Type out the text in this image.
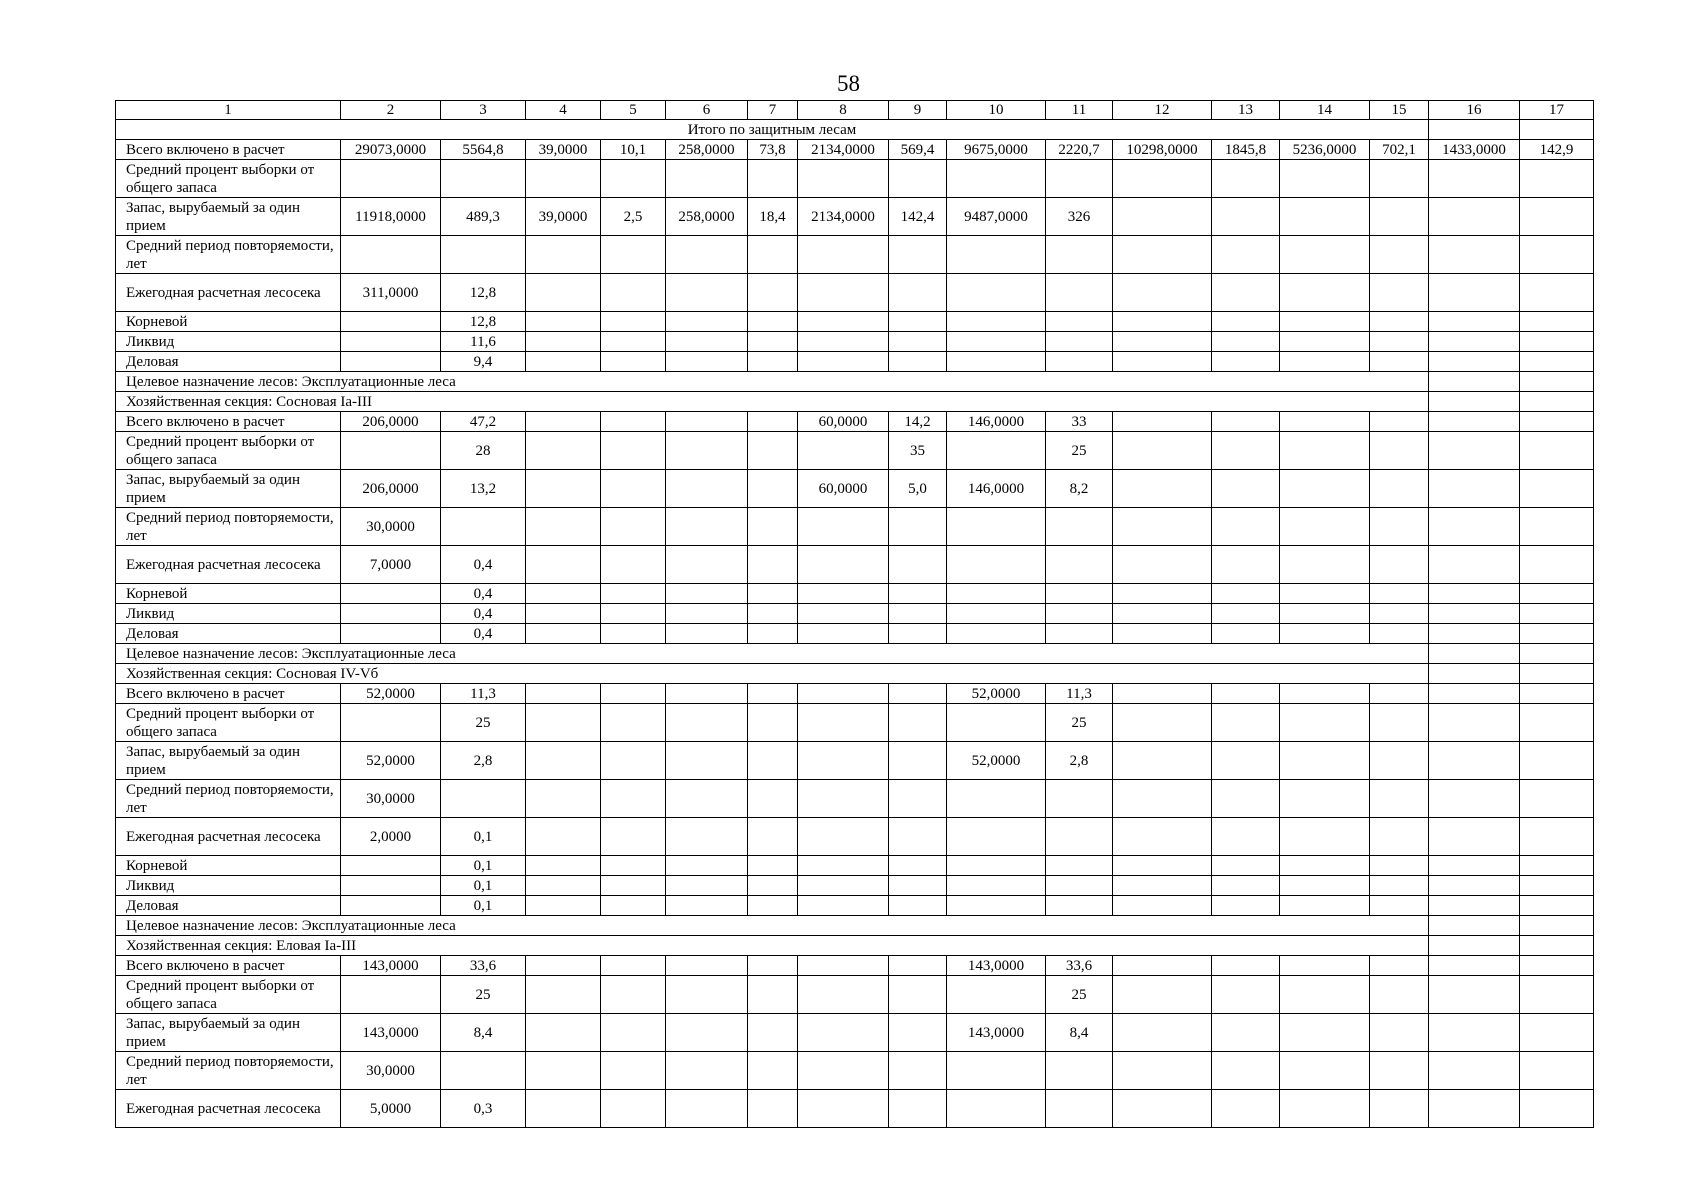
58
1	2	3	4	5	6	7	8	9	10	11	12	13	14	15	16	17
Итого по защитным лесам																
Всего включено в расчет	29073,0000	5564,8	39,0000	10,1	258,0000	73,8	2134,0000	569,4	9675,0000	2220,7	10298,0000	1845,8	5236,0000	702,1	1433,0000	142,9
Средний процент выборки от общего запаса																
Запас, вырубаемый за один прием	11918,0000	489,3	39,0000	2,5	258,0000	18,4	2134,0000	142,4	9487,0000	326						
Средний период повторяемости, лет																
Ежегодная расчетная лесосека	311,0000	12,8														
Корневой		12,8														
Ликвид		11,6														
Деловая		9,4														
Целевое назначение лесов: Эксплуатационные леса																
Хозяйственная секция: Сосновая Iа-III																
Всего включено в расчет	206,0000	47,2					60,0000	14,2	146,0000	33						
Средний процент выборки от общего запаса		28						35		25						
Запас, вырубаемый за один прием	206,0000	13,2					60,0000	5,0	146,0000	8,2						
Средний период повторяемости, лет	30,0000															
Ежегодная расчетная лесосека	7,0000	0,4														
Корневой		0,4														
Ликвид		0,4														
Деловая		0,4														
Целевое назначение лесов: Эксплуатационные леса																
Хозяйственная секция: Сосновая IV-Vб																
Всего включено в расчет	52,0000	11,3							52,0000	11,3						
Средний процент выборки от общего запаса		25								25						
Запас, вырубаемый за один прием	52,0000	2,8							52,0000	2,8						
Средний период повторяемости, лет	30,0000															
Ежегодная расчетная лесосека	2,0000	0,1														
Корневой		0,1														
Ликвид		0,1														
Деловая		0,1														
Целевое назначение лесов: Эксплуатационные леса																
Хозяйственная секция: Еловая Iа-III																
Всего включено в расчет	143,0000	33,6							143,0000	33,6						
Средний процент выборки от общего запаса		25								25						
Запас, вырубаемый за один прием	143,0000	8,4							143,0000	8,4						
Средний период повторяемости, лет	30,0000															
Ежегодная расчетная лесосека	5,0000	0,3														
